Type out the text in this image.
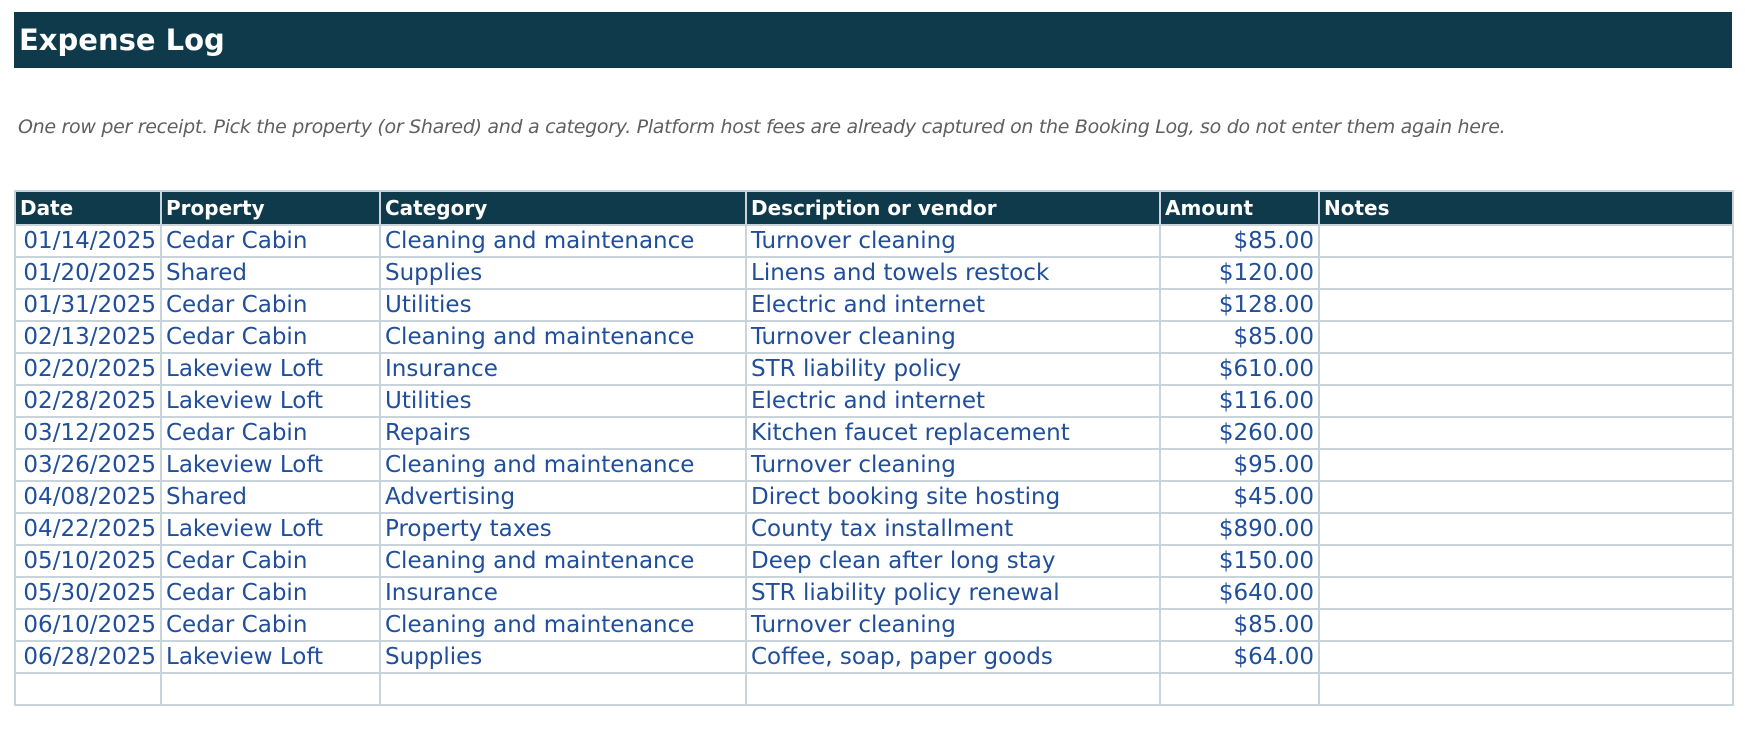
Expense Log
One row per receipt. Pick the property (or Shared) and a category. Platform host fees are already captured on the Booking Log, so do not enter them again here.
Date	Property	Category	Description or vendor	Amount	Notes
01/14/2025	Cedar Cabin	Cleaning and maintenance	Turnover cleaning	$85.00	
01/20/2025	Shared	Supplies	Linens and towels restock	$120.00	
01/31/2025	Cedar Cabin	Utilities	Electric and internet	$128.00	
02/13/2025	Cedar Cabin	Cleaning and maintenance	Turnover cleaning	$85.00	
02/20/2025	Lakeview Loft	Insurance	STR liability policy	$610.00	
02/28/2025	Lakeview Loft	Utilities	Electric and internet	$116.00	
03/12/2025	Cedar Cabin	Repairs	Kitchen faucet replacement	$260.00	
03/26/2025	Lakeview Loft	Cleaning and maintenance	Turnover cleaning	$95.00	
04/08/2025	Shared	Advertising	Direct booking site hosting	$45.00	
04/22/2025	Lakeview Loft	Property taxes	County tax installment	$890.00	
05/10/2025	Cedar Cabin	Cleaning and maintenance	Deep clean after long stay	$150.00	
05/30/2025	Cedar Cabin	Insurance	STR liability policy renewal	$640.00	
06/10/2025	Cedar Cabin	Cleaning and maintenance	Turnover cleaning	$85.00	
06/28/2025	Lakeview Loft	Supplies	Coffee, soap, paper goods	$64.00	
